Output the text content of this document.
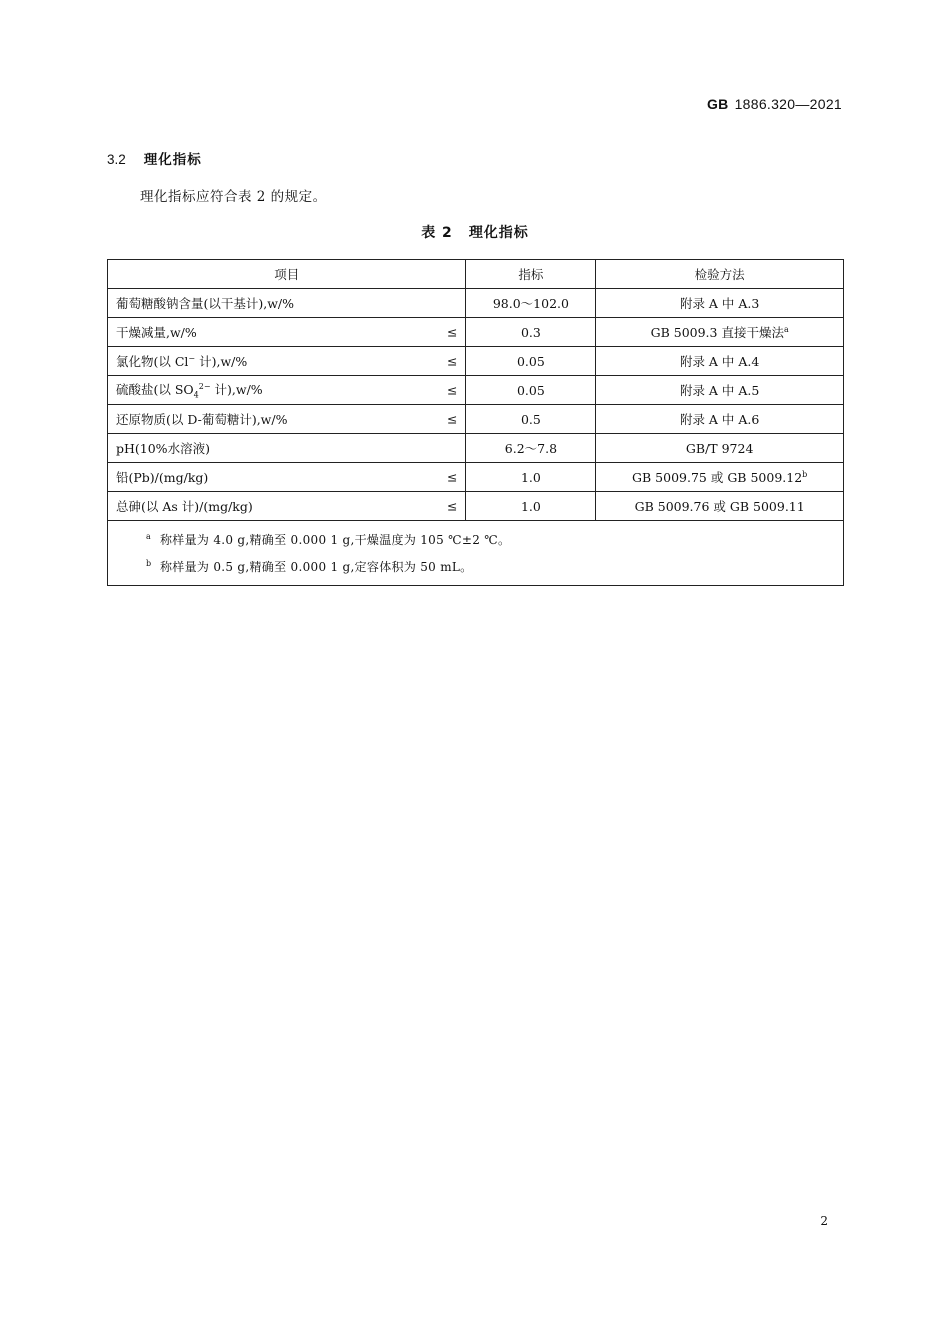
GB 1886.320—2021
3.2 理化指标
理化指标应符合表 2 的规定。
表 2 理化指标
项目	指标	检验方法
葡萄糖酸钠含量(以干基计),w/%	98.0～102.0	附录 A 中 A.3
干燥减量,w/% ≤	0.3	GB 5009.3 直接干燥法$^a$
氯化物(以 Cl− 计),w/% ≤	0.05	附录 A 中 A.4
硫酸盐(以 $SO_4^{2-}$ 计),w/% ≤	0.05	附录 A 中 A.5
还原物质(以 D-葡萄糖计),w/% ≤	0.5	附录 A 中 A.6
pH(10%水溶液)	6.2～7.8	GB/T 9724
铅(Pb)/(mg/kg) ≤	1.0	GB 5009.75 或 GB 5009.12$^b$
总砷(以 As 计)/(mg/kg) ≤	1.0	GB 5009.76 或 GB 5009.11

a 称样量为 4.0 g,精确至 0.000 1 g,干燥温度为 105 ℃±2 ℃。
b 称样量为 0.5 g,精确至 0.000 1 g,定容体积为 50 mL。		
2
